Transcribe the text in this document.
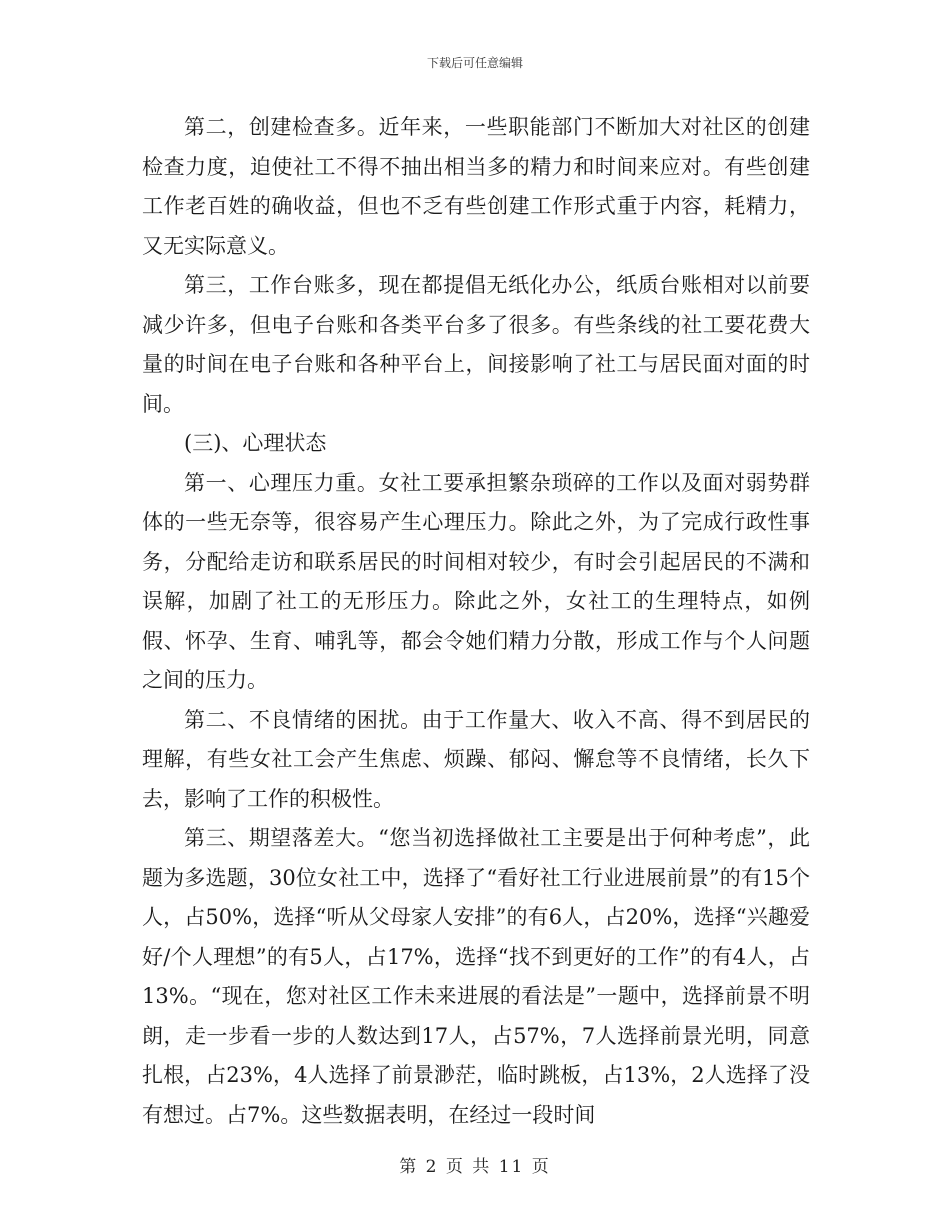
下载后可任意编辑

第二，创建检查多。近年来，一些职能部门不断加大对社区的创建检查力度，迫使社工不得不抽出相当多的精力和时间来应对。有些创建工作老百姓的确收益，但也不乏有些创建工作形式重于内容，耗精力，又无实际意义。

第三，工作台账多，现在都提倡无纸化办公，纸质台账相对以前要减少许多，但电子台账和各类平台多了很多。有些条线的社工要花费大量的时间在电子台账和各种平台上，间接影响了社工与居民面对面的时间。

(三)、心理状态

第一、心理压力重。女社工要承担繁杂琐碎的工作以及面对弱势群体的一些无奈等，很容易产生心理压力。除此之外，为了完成行政性事务，分配给走访和联系居民的时间相对较少，有时会引起居民的不满和误解，加剧了社工的无形压力。除此之外，女社工的生理特点，如例假、怀孕、生育、哺乳等，都会令她们精力分散，形成工作与个人问题之间的压力。

第二、不良情绪的困扰。由于工作量大、收入不高、得不到居民的理解，有些女社工会产生焦虑、烦躁、郁闷、懈怠等不良情绪，长久下去，影响了工作的积极性。

第三、期望落差大。“您当初选择做社工主要是出于何种考虑”，此题为多选题，30位女社工中，选择了“看好社工行业进展前景”的有15个人，占50%，选择“听从父母家人安排”的有6人，占20%，选择“兴趣爱好/个人理想”的有5人，占17%，选择“找不到更好的工作”的有4人，占13%。“现在，您对社区工作未来进展的看法是”一题中，选择前景不明朗，走一步看一步的人数达到17人，占57%，7人选择前景光明，同意扎根，占23%，4人选择了前景渺茫，临时跳板，占13%，2人选择了没有想过。占7%。这些数据表明，在经过一段时间

第 2 页 共 11 页
